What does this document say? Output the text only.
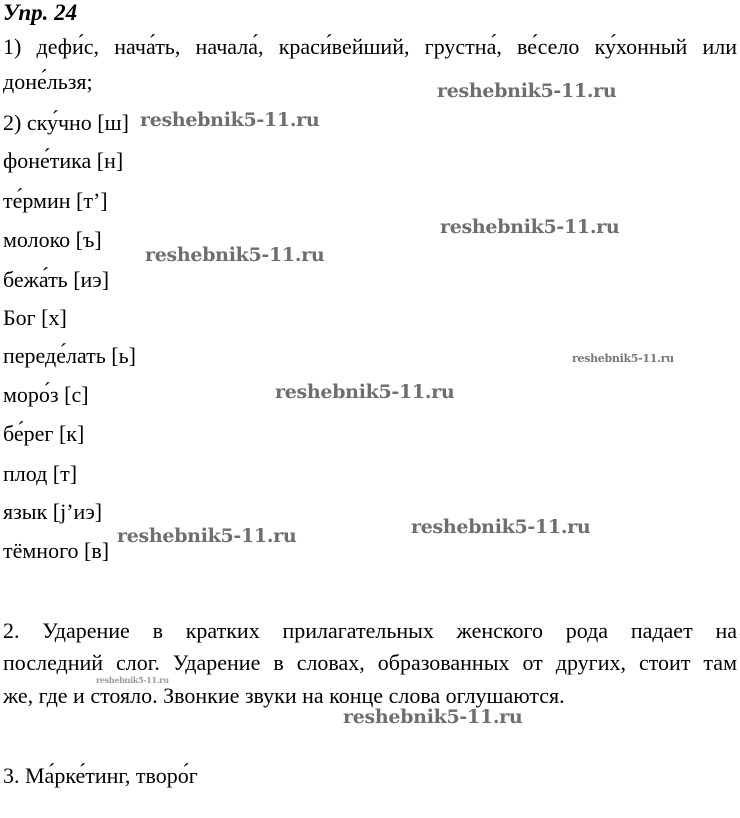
Упр. 24
1) дефи́с, нача́ть, начала́, краси́вейший, грустна́, ве́село ку́хонный или
доне́льзя;
2) ску́чно [ш]
фоне́тика [н]
те́рмин [т’]
молоко [ъ]
бежа́ть [иэ]
Бог [х]
переде́лать [ь]
моро́з [с]
бе́рег [к]
плод [т]
язык [j’иэ]
тёмного [в]
2. Ударение в кратких прилагательных женского рода падает на
последний слог. Ударение в словах, образованных от других, стоит там
же, где и стояло. Звонкие звуки на конце слова оглушаются.
3. Ма́рке́тинг, творо́г
reshebnik5-11.ru
reshebnik5-11.ru
reshebnik5-11.ru
reshebnik5-11.ru
reshebnik5-11.ru
reshebnik5-11.ru
reshebnik5-11.ru	reshebnik5-11.ru
reshebnik5-11.ru
reshebnik5-11.ru
